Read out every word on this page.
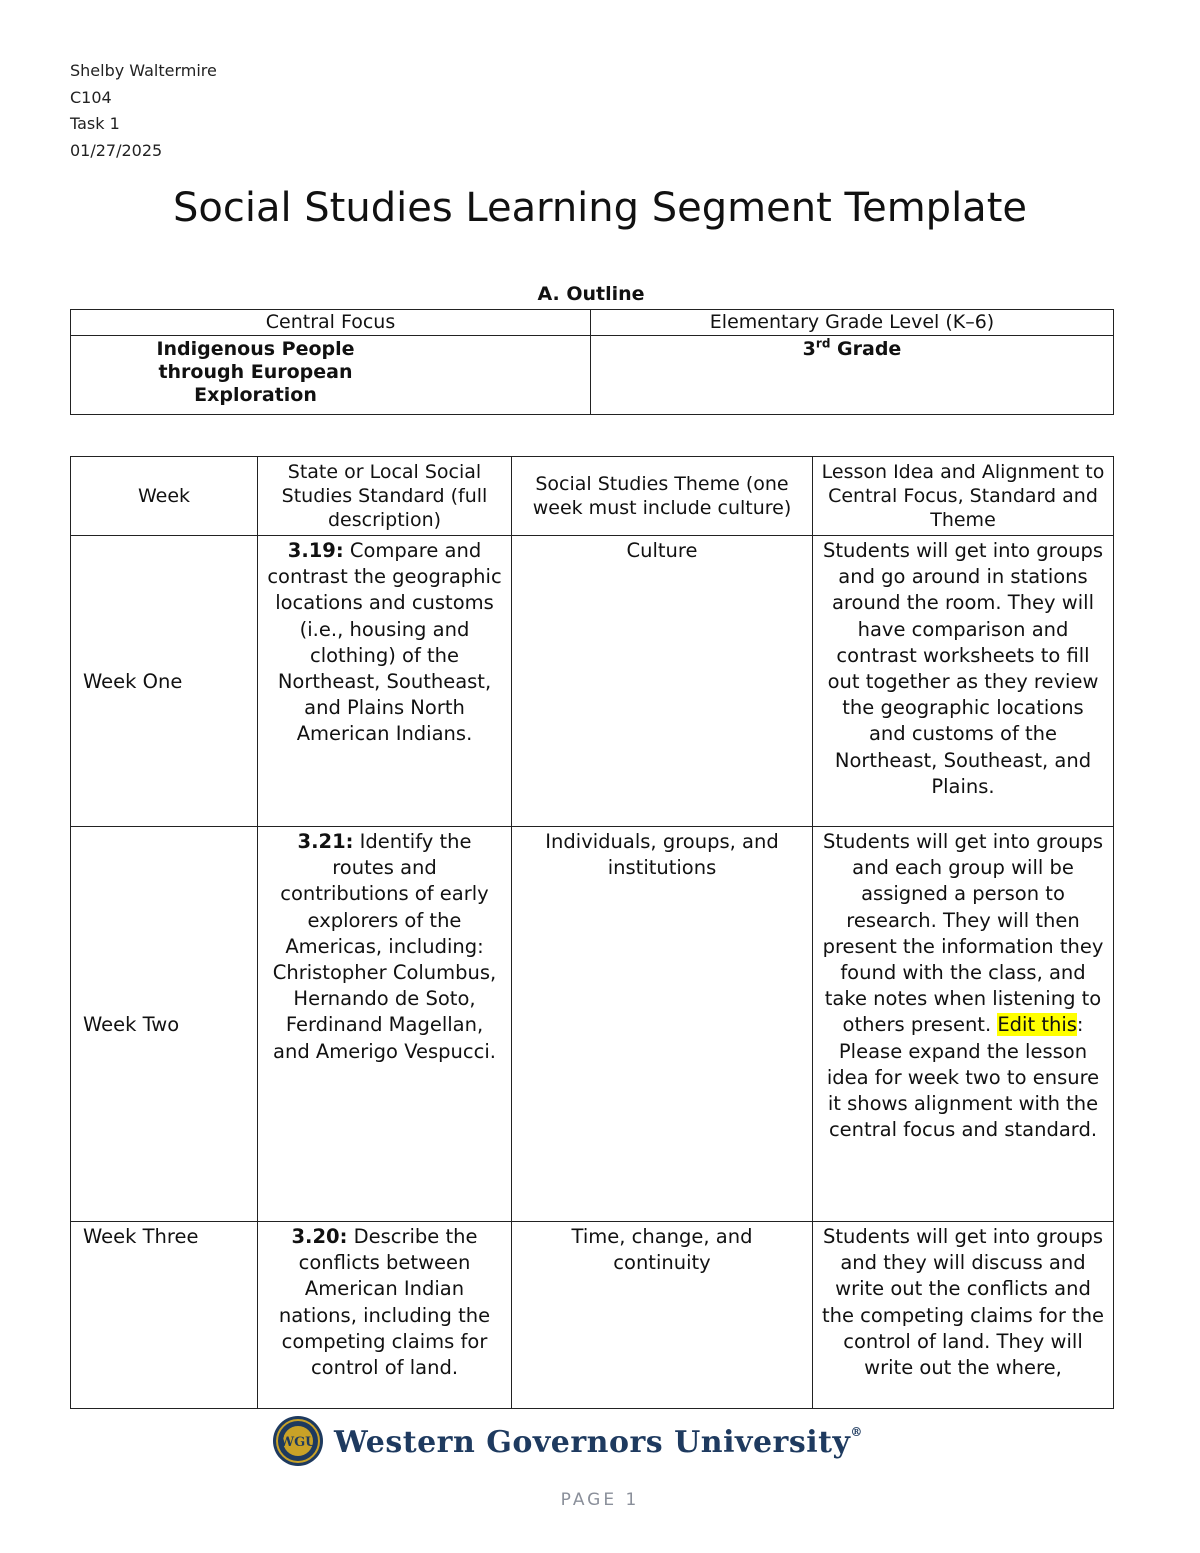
Shelby Waltermire
C104
Task 1
01/27/2025
Social Studies Learning Segment Template
A. Outline
Central Focus	Elementary Grade Level (K–6)
Indigenous People through European Exploration	3rd Grade
Week	State or Local Social Studies Standard (full description)	Social Studies Theme (one week must include culture)	Lesson Idea and Alignment to Central Focus, Standard and Theme
Week One	3.19: Compare and contrast the geographic locations and customs (i.e., housing and clothing) of the Northeast, Southeast, and Plains North American Indians.	Culture	Students will get into groups and go around in stations around the room. They will have comparison and contrast worksheets to fill out together as they review the geographic locations and customs of the Northeast, Southeast, and Plains.
Week Two	3.21: Identify the routes and contributions of early explorers of the Americas, including: Christopher Columbus, Hernando de Soto, Ferdinand Magellan, and Amerigo Vespucci.	Individuals, groups, and institutions	Students will get into groups and each group will be assigned a person to research. They will then present the information they found with the class, and take notes when listening to others present. Edit this: Please expand the lesson idea for week two to ensure it shows alignment with the central focus and standard.
Week Three	3.20: Describe the conflicts between American Indian nations, including the competing claims for control of land.	Time, change, and continuity	Students will get into groups and they will discuss and write out the conflicts and the competing claims for the control of land. They will write out the where,
WGU Western Governors University®
PAGE 1
